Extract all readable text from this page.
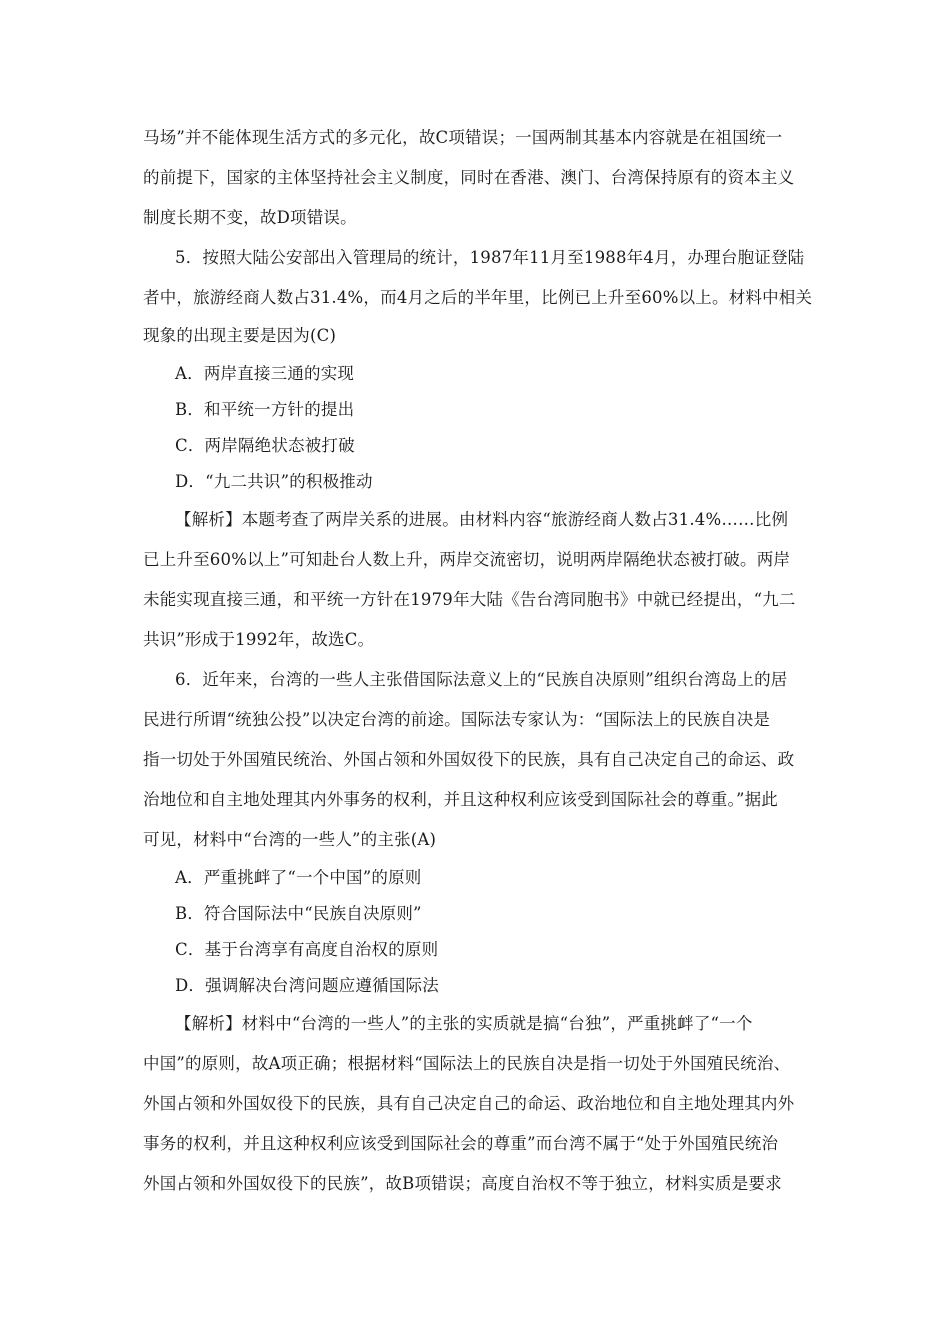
马场”并不能体现生活方式的多元化，故C项错误；一国两制其基本内容就是在祖国统一
的前提下，国家的主体坚持社会主义制度，同时在香港、澳门、台湾保持原有的资本主义
制度长期不变，故D项错误。
5．按照大陆公安部出入管理局的统计，1987年11月至1988年4月，办理台胞证登陆
者中，旅游经商人数占31.4%，而4月之后的半年里，比例已上升至60%以上。材料中相关
现象的出现主要是因为(C)
A．两岸直接三通的实现
B．和平统一方针的提出
C．两岸隔绝状态被打破
D．“九二共识”的积极推动
【解析】本题考查了两岸关系的进展。由材料内容“旅游经商人数占31.4%……比例
已上升至60%以上”可知赴台人数上升，两岸交流密切，说明两岸隔绝状态被打破。两岸
未能实现直接三通，和平统一方针在1979年大陆《告台湾同胞书》中就已经提出，“九二
共识”形成于1992年，故选C。
6．近年来，台湾的一些人主张借国际法意义上的“民族自决原则”组织台湾岛上的居
民进行所谓“统独公投”以决定台湾的前途。国际法专家认为：“国际法上的民族自决是
指一切处于外国殖民统治、外国占领和外国奴役下的民族，具有自己决定自己的命运、政
治地位和自主地处理其内外事务的权利，并且这种权利应该受到国际社会的尊重。”据此
可见，材料中“台湾的一些人”的主张(A)
A．严重挑衅了“一个中国”的原则
B．符合国际法中“民族自决原则”
C．基于台湾享有高度自治权的原则
D．强调解决台湾问题应遵循国际法
【解析】材料中“台湾的一些人”的主张的实质就是搞“台独”，严重挑衅了“一个
中国”的原则，故A项正确；根据材料“国际法上的民族自决是指一切处于外国殖民统治、
外国占领和外国奴役下的民族，具有自己决定自己的命运、政治地位和自主地处理其内外
事务的权利，并且这种权利应该受到国际社会的尊重”而台湾不属于“处于外国殖民统治
外国占领和外国奴役下的民族”，故B项错误；高度自治权不等于独立，材料实质是要求
